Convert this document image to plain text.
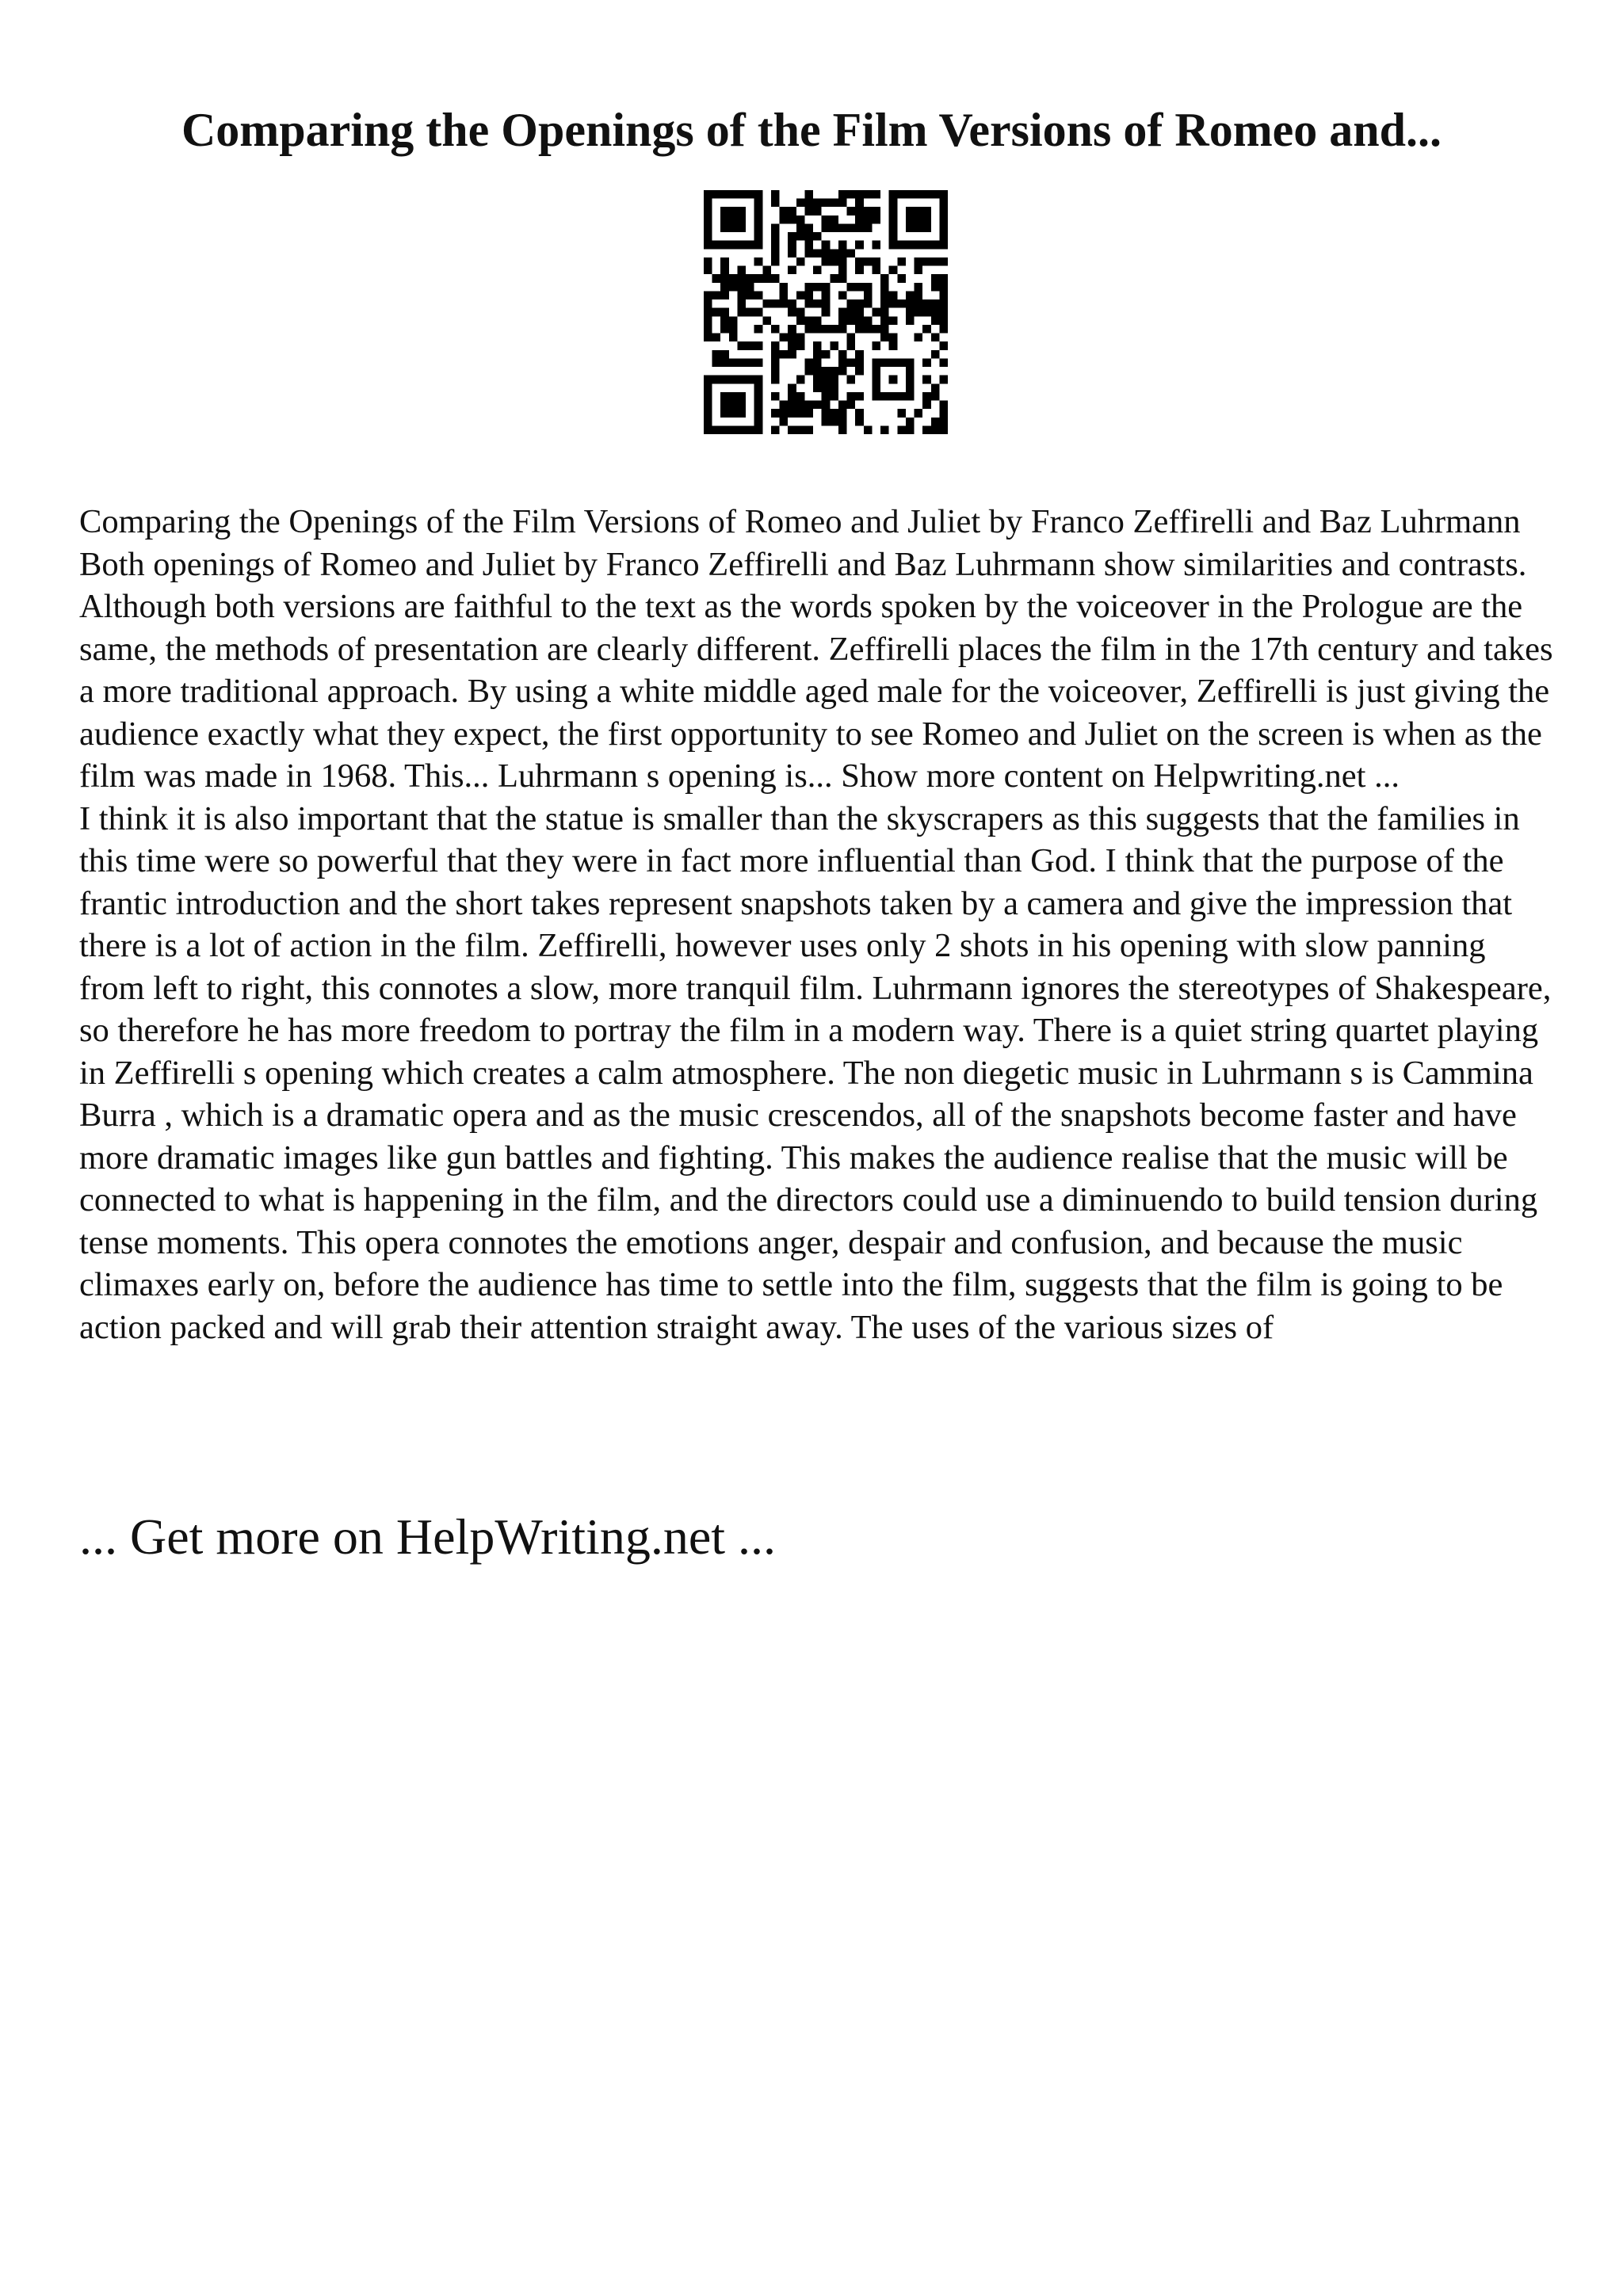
Comparing the Openings of the Film Versions of Romeo and...

Comparing the Openings of the Film Versions of Romeo and Juliet by Franco Zeffirelli and Baz Luhrmann Both openings of Romeo and Juliet by Franco Zeffirelli and Baz Luhrmann show similarities and contrasts. Although both versions are faithful to the text as the words spoken by the voiceover in the Prologue are the same, the methods of presentation are clearly different. Zeffirelli places the film in the 17th century and takes a more traditional approach. By using a white middle aged male for the voiceover, Zeffirelli is just giving the audience exactly what they expect, the first opportunity to see Romeo and Juliet on the screen is when as the film was made in 1968. This... Luhrmann s opening is... Show more content on Helpwriting.net ...

I think it is also important that the statue is smaller than the skyscrapers as this suggests that the families in this time were so powerful that they were in fact more influential than God. I think that the purpose of the frantic introduction and the short takes represent snapshots taken by a camera and give the impression that there is a lot of action in the film. Zeffirelli, however uses only 2 shots in his opening with slow panning from left to right, this connotes a slow, more tranquil film. Luhrmann ignores the stereotypes of Shakespeare, so therefore he has more freedom to portray the film in a modern way. There is a quiet string quartet playing in Zeffirelli s opening which creates a calm atmosphere. The non diegetic music in Luhrmann s is Cammina Burra , which is a dramatic opera and as the music crescendos, all of the snapshots become faster and have more dramatic images like gun battles and fighting. This makes the audience realise that the music will be connected to what is happening in the film, and the directors could use a diminuendo to build tension during tense moments. This opera connotes the emotions anger, despair and confusion, and because the music climaxes early on, before the audience has time to settle into the film, suggests that the film is going to be action packed and will grab their attention straight away. The uses of the various sizes of

... Get more on HelpWriting.net ...
